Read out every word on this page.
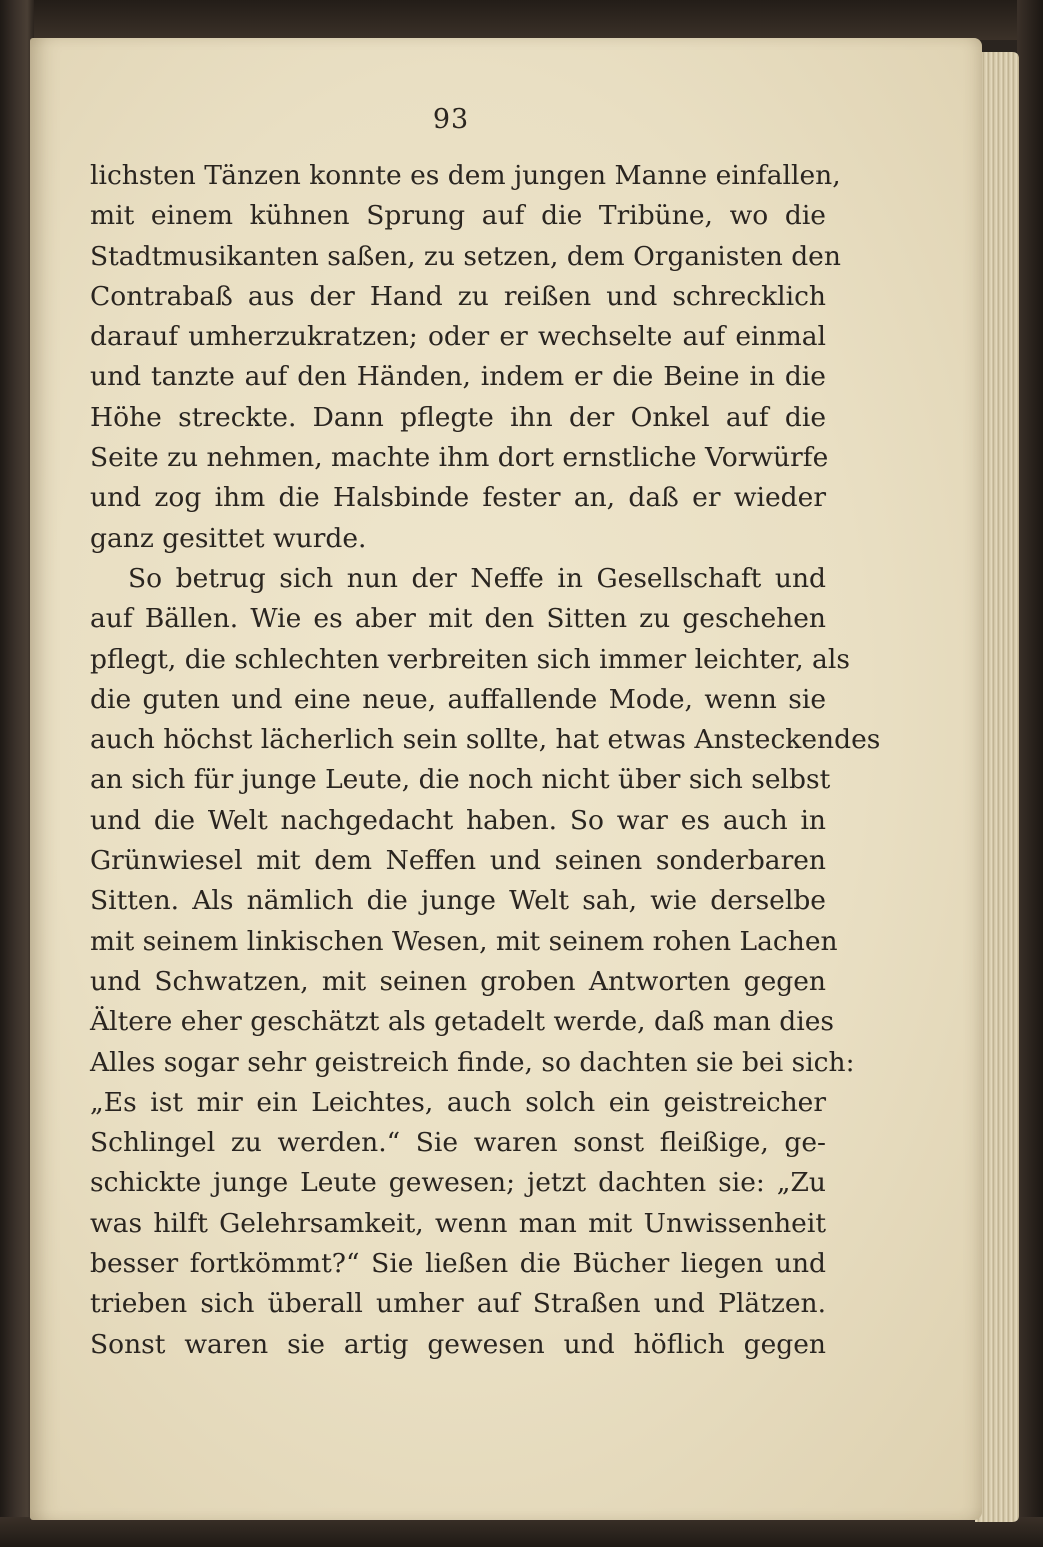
93
lichsten Tänzen konnte es dem jungen Manne einfallen,
mit einem kühnen Sprung auf die Tribüne, wo die
Stadtmusikanten saßen, zu setzen, dem Organisten den
Contrabaß aus der Hand zu reißen und schrecklich
darauf umherzukratzen; oder er wechselte auf einmal
und tanzte auf den Händen, indem er die Beine in die
Höhe streckte. Dann pflegte ihn der Onkel auf die
Seite zu nehmen, machte ihm dort ernstliche Vorwürfe
und zog ihm die Halsbinde fester an, daß er wieder
ganz gesittet wurde.
So betrug sich nun der Neffe in Gesellschaft und
auf Bällen. Wie es aber mit den Sitten zu geschehen
pflegt, die schlechten verbreiten sich immer leichter, als
die guten und eine neue, auffallende Mode, wenn sie
auch höchst lächerlich sein sollte, hat etwas Ansteckendes
an sich für junge Leute, die noch nicht über sich selbst
und die Welt nachgedacht haben. So war es auch in
Grünwiesel mit dem Neffen und seinen sonderbaren
Sitten. Als nämlich die junge Welt sah, wie derselbe
mit seinem linkischen Wesen, mit seinem rohen Lachen
und Schwatzen, mit seinen groben Antworten gegen
Ältere eher geschätzt als getadelt werde, daß man dies
Alles sogar sehr geistreich finde, so dachten sie bei sich:
„Es ist mir ein Leichtes, auch solch ein geistreicher
Schlingel zu werden.“ Sie waren sonst fleißige, ge-
schickte junge Leute gewesen; jetzt dachten sie: „Zu
was hilft Gelehrsamkeit, wenn man mit Unwissenheit
besser fortkömmt?“ Sie ließen die Bücher liegen und
trieben sich überall umher auf Straßen und Plätzen.
Sonst waren sie artig gewesen und höflich gegen
